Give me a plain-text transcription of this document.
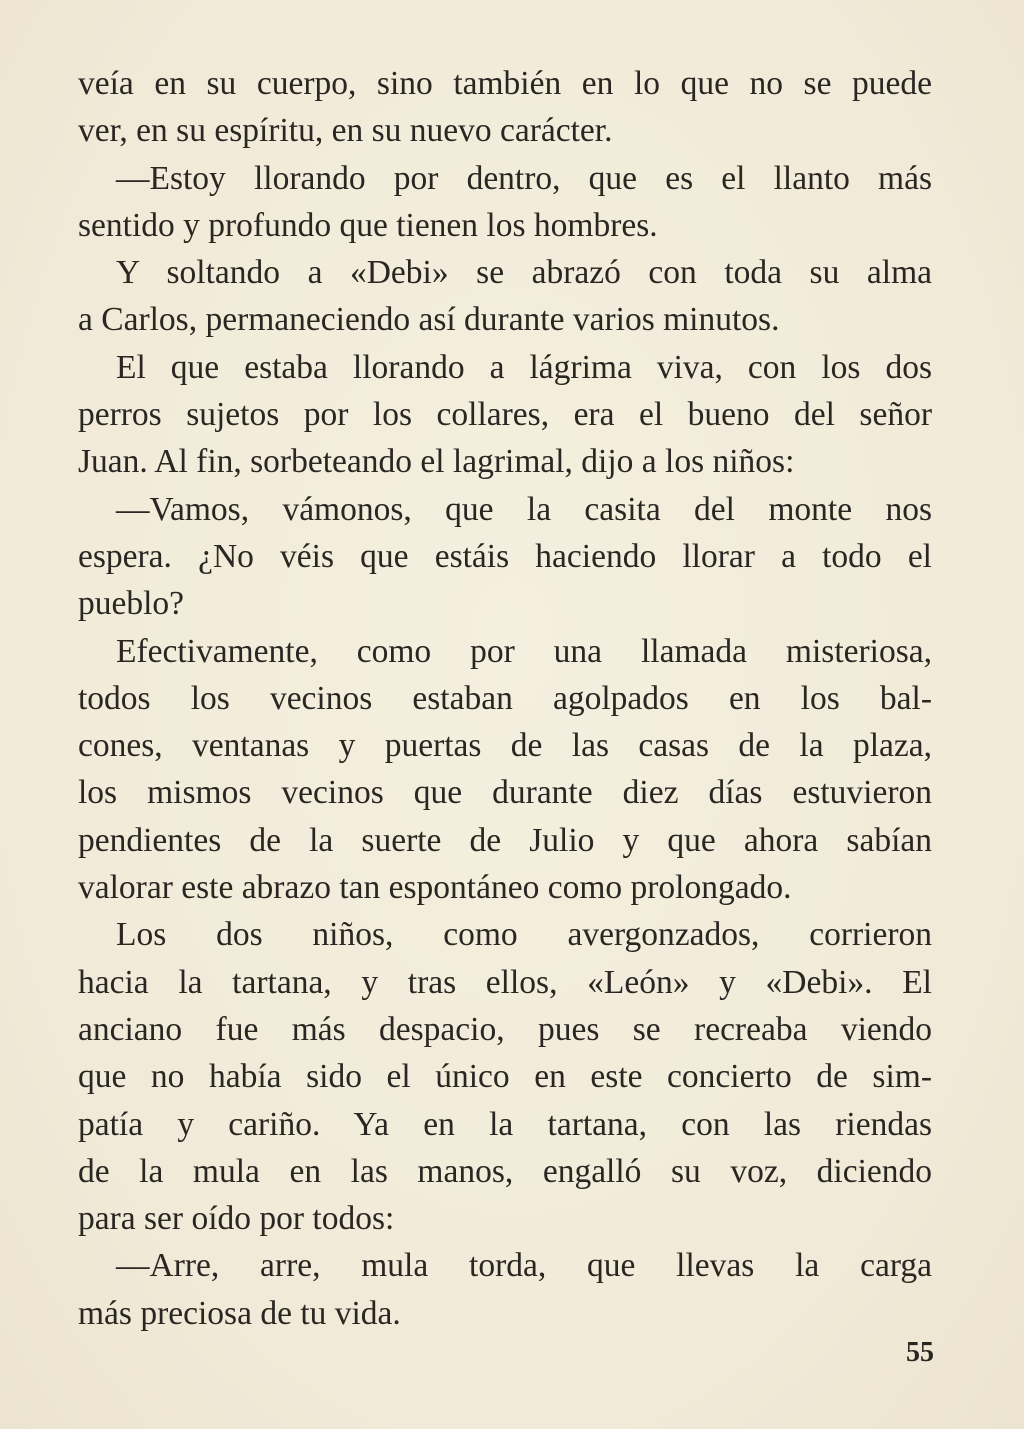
veía en su cuerpo, sino también en lo que no se puede
ver, en su espíritu, en su nuevo carácter.
—Estoy llorando por dentro, que es el llanto más
sentido y profundo que tienen los hombres.
Y soltando a «Debi» se abrazó con toda su alma
a Carlos, permaneciendo así durante varios minutos.
El que estaba llorando a lágrima viva, con los dos
perros sujetos por los collares, era el bueno del señor
Juan. Al fin, sorbeteando el lagrimal, dijo a los niños:
—Vamos, vámonos, que la casita del monte nos
espera. ¿No véis que estáis haciendo llorar a todo el
pueblo?
Efectivamente, como por una llamada misteriosa,
todos los vecinos estaban agolpados en los bal-
cones, ventanas y puertas de las casas de la plaza,
los mismos vecinos que durante diez días estuvieron
pendientes de la suerte de Julio y que ahora sabían
valorar este abrazo tan espontáneo como prolongado.
Los dos niños, como avergonzados, corrieron
hacia la tartana, y tras ellos, «León» y «Debi». El
anciano fue más despacio, pues se recreaba viendo
que no había sido el único en este concierto de sim-
patía y cariño. Ya en la tartana, con las riendas
de la mula en las manos, engalló su voz, diciendo
para ser oído por todos:
—Arre, arre, mula torda, que llevas la carga
más preciosa de tu vida.
55
